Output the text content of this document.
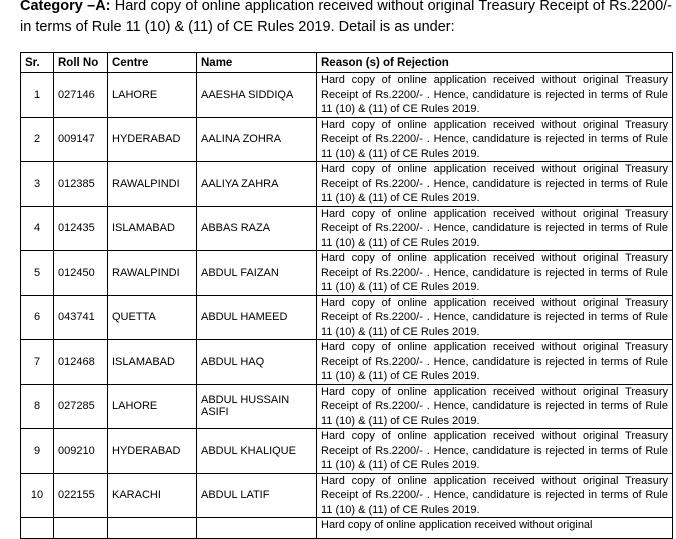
Category –A: Hard copy of online application received without original Treasury Receipt of Rs.2200/- in terms of Rule 11 (10) & (11) of CE Rules 2019. Detail is as under:
Sr.	Roll No	Centre	Name	Reason (s) of Rejection
1	027146	LAHORE	AAESHA SIDDIQA	Hard copy of online application received without original Treasury Receipt of Rs.2200/- . Hence, candidature is rejected in terms of Rule 11 (10) & (11) of CE Rules 2019.
2	009147	HYDERABAD	AALINA ZOHRA	Hard copy of online application received without original Treasury Receipt of Rs.2200/- . Hence, candidature is rejected in terms of Rule 11 (10) & (11) of CE Rules 2019.
3	012385	RAWALPINDI	AALIYA ZAHRA	Hard copy of online application received without original Treasury Receipt of Rs.2200/- . Hence, candidature is rejected in terms of Rule 11 (10) & (11) of CE Rules 2019.
4	012435	ISLAMABAD	ABBAS RAZA	Hard copy of online application received without original Treasury Receipt of Rs.2200/- . Hence, candidature is rejected in terms of Rule 11 (10) & (11) of CE Rules 2019.
5	012450	RAWALPINDI	ABDUL FAIZAN	Hard copy of online application received without original Treasury Receipt of Rs.2200/- . Hence, candidature is rejected in terms of Rule 11 (10) & (11) of CE Rules 2019.
6	043741	QUETTA	ABDUL HAMEED	Hard copy of online application received without original Treasury Receipt of Rs.2200/- . Hence, candidature is rejected in terms of Rule 11 (10) & (11) of CE Rules 2019.
7	012468	ISLAMABAD	ABDUL HAQ	Hard copy of online application received without original Treasury Receipt of Rs.2200/- . Hence, candidature is rejected in terms of Rule 11 (10) & (11) of CE Rules 2019.
8	027285	LAHORE	ABDUL HUSSAIN ASIFI	Hard copy of online application received without original Treasury Receipt of Rs.2200/- . Hence, candidature is rejected in terms of Rule 11 (10) & (11) of CE Rules 2019.
9	009210	HYDERABAD	ABDUL KHALIQUE	Hard copy of online application received without original Treasury Receipt of Rs.2200/- . Hence, candidature is rejected in terms of Rule 11 (10) & (11) of CE Rules 2019.
10	022155	KARACHI	ABDUL LATIF	Hard copy of online application received without original Treasury Receipt of Rs.2200/- . Hence, candidature is rejected in terms of Rule 11 (10) & (11) of CE Rules 2019.
				Hard copy of online application received without original
